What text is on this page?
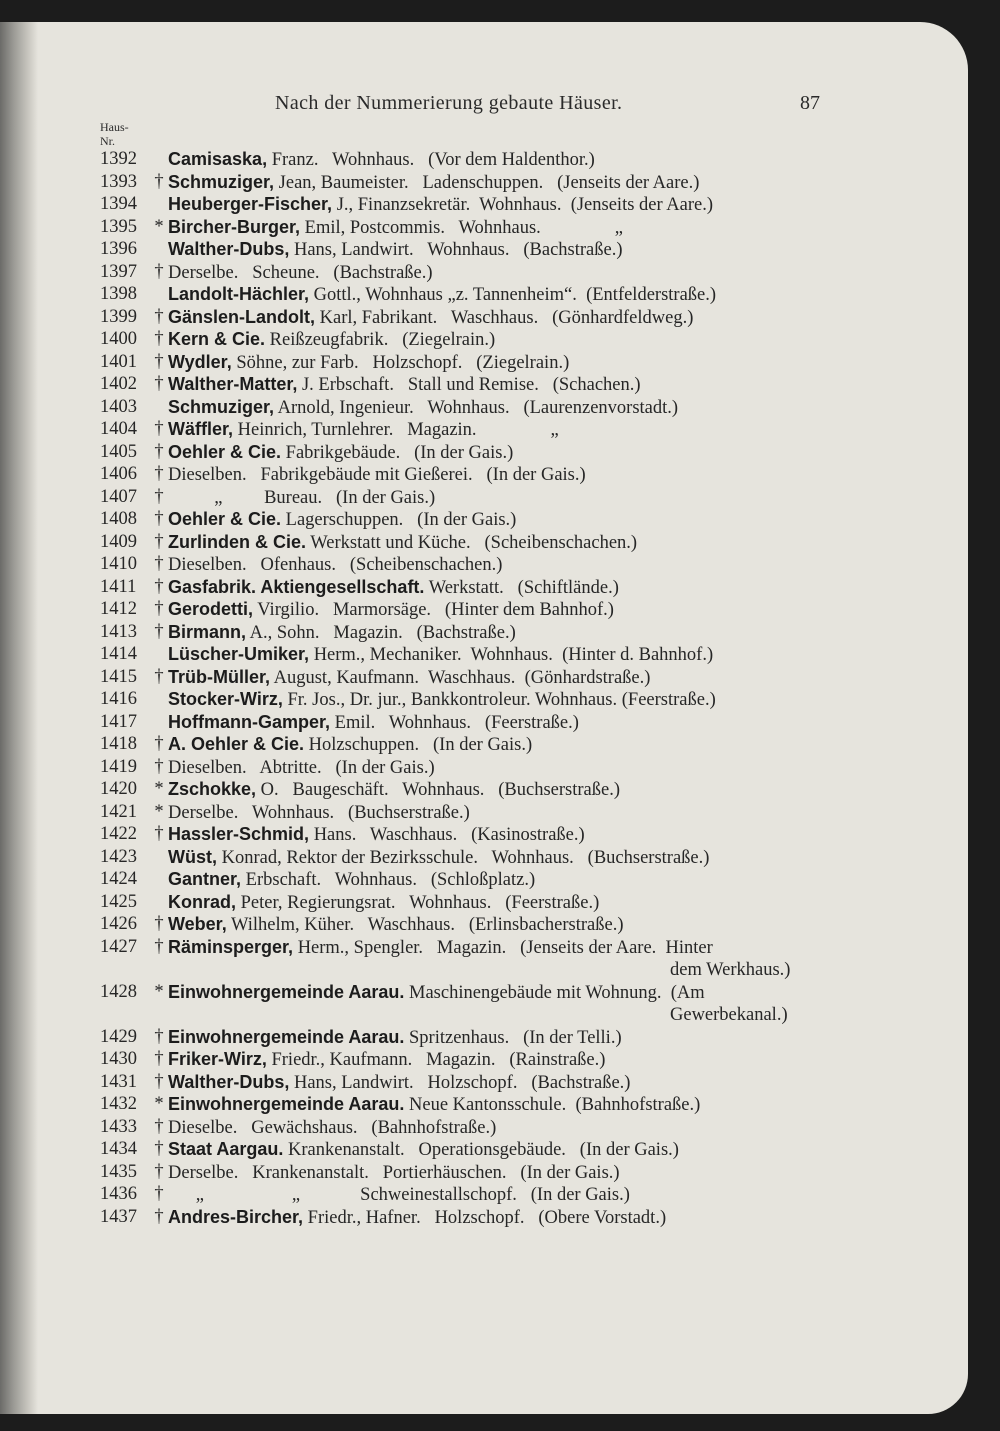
Nach der Nummerierung gebaute Häuser.	87
Haus-
Nr.
1392	Camisaska, Franz.   Wohnhaus.   (Vor dem Haldenthor.)
1393 † Schmuziger, Jean, Baumeister.   Ladenschuppen.   (Jenseits der Aare.)
1394	Heuberger-Fischer, J., Finanzsekretär.  Wohnhaus.  (Jenseits der Aare.)
1395 * Bircher-Burger, Emil, Postcommis.   Wohnhaus.                „
1396	Walther-Dubs, Hans, Landwirt.   Wohnhaus.   (Bachstraße.)
1397 † Derselbe.   Scheune.   (Bachstraße.)
1398	Landolt-Hächler, Gottl., Wohnhaus „z. Tannenheim“.  (Entfelderstraße.)
1399 † Gänslen-Landolt, Karl, Fabrikant.   Waschhaus.   (Gönhardfeldweg.)
1400 † Kern & Cie. Reißzeugfabrik.   (Ziegelrain.)
1401 † Wydler, Söhne, zur Farb.   Holzschopf.   (Ziegelrain.)
1402 † Walther-Matter, J. Erbschaft.   Stall und Remise.   (Schachen.)
1403	Schmuziger, Arnold, Ingenieur.   Wohnhaus.   (Laurenzenvorstadt.)
1404 † Wäffler, Heinrich, Turnlehrer.   Magazin.                „
1405 † Oehler & Cie. Fabrikgebäude.   (In der Gais.)
1406 † Dieselben.   Fabrikgebäude mit Gießerei.   (In der Gais.)
1407 † „         Bureau.   (In der Gais.)
1408 † Oehler & Cie. Lagerschuppen.   (In der Gais.)
1409 † Zurlinden & Cie. Werkstatt und Küche.   (Scheibenschachen.)
1410 † Dieselben.   Ofenhaus.   (Scheibenschachen.)
1411 † Gasfabrik. Aktiengesellschaft. Werkstatt.   (Schiftlände.)
1412 † Gerodetti, Virgilio.   Marmorsäge.   (Hinter dem Bahnhof.)
1413 † Birmann, A., Sohn.   Magazin.   (Bachstraße.)
1414	Lüscher-Umiker, Herm., Mechaniker.  Wohnhaus.  (Hinter d. Bahnhof.)
1415 † Trüb-Müller, August, Kaufmann.  Waschhaus.  (Gönhardstraße.)
1416	Stocker-Wirz, Fr. Jos., Dr. jur., Bankkontroleur. Wohnhaus. (Feerstraße.)
1417	Hoffmann-Gamper, Emil.   Wohnhaus.   (Feerstraße.)
1418 † A. Oehler & Cie. Holzschuppen.   (In der Gais.)
1419 † Dieselben.   Abtritte.   (In der Gais.)
1420 * Zschokke, O.   Baugeschäft.   Wohnhaus.   (Buchserstraße.)
1421 * Derselbe.   Wohnhaus.   (Buchserstraße.)
1422 † Hassler-Schmid, Hans.   Waschhaus.   (Kasinostraße.)
1423	Wüst, Konrad, Rektor der Bezirksschule.   Wohnhaus.   (Buchserstraße.)
1424	Gantner, Erbschaft.   Wohnhaus.   (Schloßplatz.)
1425	Konrad, Peter, Regierungsrat.   Wohnhaus.   (Feerstraße.)
1426 † Weber, Wilhelm, Küher.   Waschhaus.   (Erlinsbacherstraße.)
1427 † Räminsperger, Herm., Spengler.   Magazin.   (Jenseits der Aare.  Hinter
dem Werkhaus.)
1428 * Einwohnergemeinde Aarau. Maschinengebäude mit Wohnung.  (Am
Gewerbekanal.)
1429 † Einwohnergemeinde Aarau. Spritzenhaus.   (In der Telli.)
1430 † Friker-Wirz, Friedr., Kaufmann.   Magazin.   (Rainstraße.)
1431 † Walther-Dubs, Hans, Landwirt.   Holzschopf.   (Bachstraße.)
1432 * Einwohnergemeinde Aarau. Neue Kantonsschule.  (Bahnhofstraße.)
1433 † Dieselbe.   Gewächshaus.   (Bahnhofstraße.)
1434 † Staat Aargau. Krankenanstalt.   Operationsgebäude.   (In der Gais.)
1435 † Derselbe.   Krankenanstalt.   Portierhäuschen.   (In der Gais.)
1436 † „                   „             Schweinestallschopf.   (In der Gais.)
1437 † Andres-Bircher, Friedr., Hafner.   Holzschopf.   (Obere Vorstadt.)
